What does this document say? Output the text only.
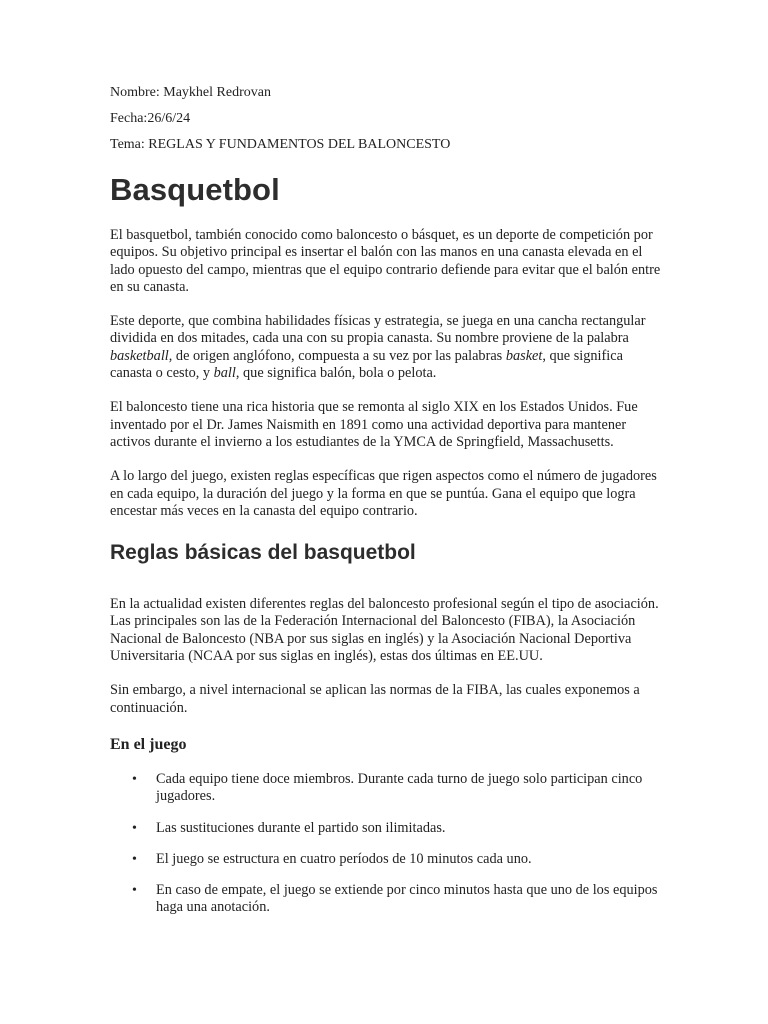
Nombre: Maykhel Redrovan

Fecha:26/6/24

Tema: REGLAS Y FUNDAMENTOS DEL BALONCESTO

Basquetbol

El basquetbol, también conocido como baloncesto o básquet, es un deporte de competición por equipos. Su objetivo principal es insertar el balón con las manos en una canasta elevada en el lado opuesto del campo, mientras que el equipo contrario defiende para evitar que el balón entre en su canasta.

Este deporte, que combina habilidades físicas y estrategia, se juega en una cancha rectangular dividida en dos mitades, cada una con su propia canasta. Su nombre proviene de la palabra basketball, de origen anglófono, compuesta a su vez por las palabras basket, que significa canasta o cesto, y ball, que significa balón, bola o pelota.

El baloncesto tiene una rica historia que se remonta al siglo XIX en los Estados Unidos. Fue inventado por el Dr. James Naismith en 1891 como una actividad deportiva para mantener activos durante el invierno a los estudiantes de la YMCA de Springfield, Massachusetts.

A lo largo del juego, existen reglas específicas que rigen aspectos como el número de jugadores en cada equipo, la duración del juego y la forma en que se puntúa. Gana el equipo que logra encestar más veces en la canasta del equipo contrario.

Reglas básicas del basquetbol

En la actualidad existen diferentes reglas del baloncesto profesional según el tipo de asociación. Las principales son las de la Federación Internacional del Baloncesto (FIBA), la Asociación Nacional de Baloncesto (NBA por sus siglas en inglés) y la Asociación Nacional Deportiva Universitaria (NCAA por sus siglas en inglés), estas dos últimas en EE.UU.

Sin embargo, a nivel internacional se aplican las normas de la FIBA, las cuales exponemos a continuación.

En el juego
• Cada equipo tiene doce miembros. Durante cada turno de juego solo participan cinco jugadores.
• Las sustituciones durante el partido son ilimitadas.
• El juego se estructura en cuatro períodos de 10 minutos cada uno.
• En caso de empate, el juego se extiende por cinco minutos hasta que uno de los equipos haga una anotación.
